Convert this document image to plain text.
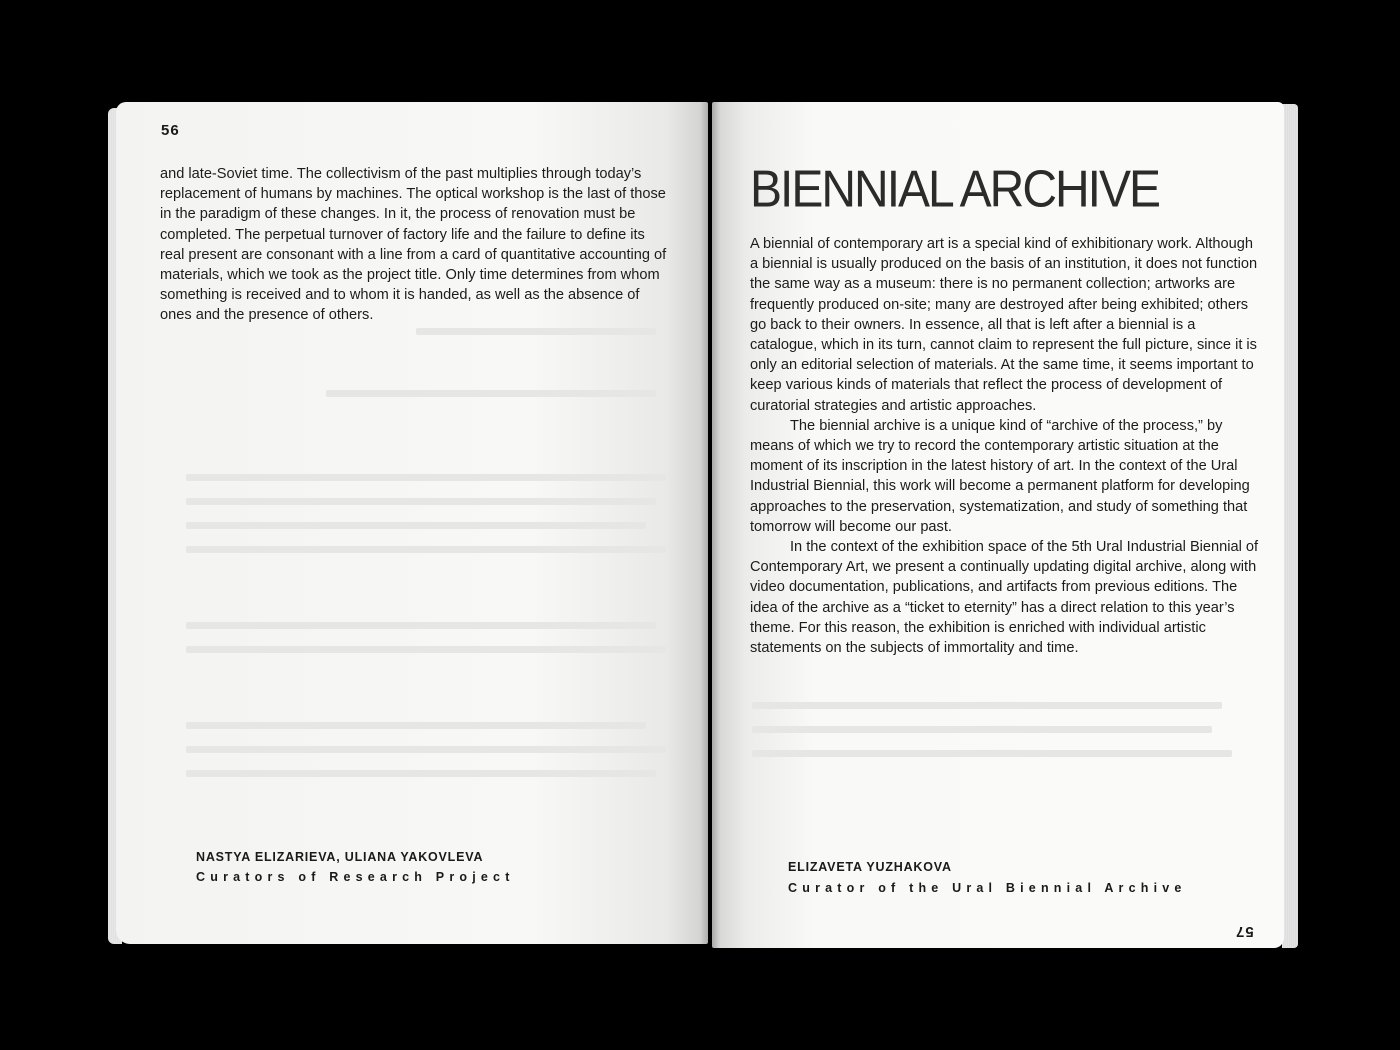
56

and late-Soviet time. The collectivism of the past multiplies through today’s replacement of humans by machines. The optical workshop is the last of those in the paradigm of these changes. In it, the process of renovation must be completed. The perpetual turnover of factory life and the failure to define its real present are consonant with a line from a card of quantitative accounting of materials, which we took as the project title. Only time determines from whom something is received and to whom it is handed, as well as the absence of ones and the presence of others.

NASTYA ELIZARIEVA, ULIANA YAKOVLEVA
Curators of Research Project
BIENNIAL ARCHIVE

A biennial of contemporary art is a special kind of exhibitionary work. Although a biennial is usually produced on the basis of an institution, it does not function the same way as a museum: there is no permanent collection; artworks are frequently produced on-site; many are destroyed after being exhibited; others go back to their owners. In essence, all that is left after a biennial is a catalogue, which in its turn, cannot claim to represent the full picture, since it is only an editorial selection of materials. At the same time, it seems important to keep various kinds of materials that reflect the process of development of curatorial strategies and artistic approaches.

The biennial archive is a unique kind of “archive of the process,” by means of which we try to record the contemporary artistic situation at the moment of its inscription in the latest history of art. In the context of the Ural Industrial Biennial, this work will become a permanent platform for developing approaches to the preservation, systematization, and study of something that tomorrow will become our past.

In the context of the exhibition space of the 5th Ural Industrial Biennial of Contemporary Art, we present a continually updating digital archive, along with video documentation, publications, and artifacts from previous editions. The idea of the archive as a “ticket to eternity” has a direct relation to this year’s theme. For this reason, the exhibition is enriched with individual artistic statements on the subjects of immortality and time.

ELIZAVETA YUZHAKOVA
Curator of the Ural Biennial Archive
57
